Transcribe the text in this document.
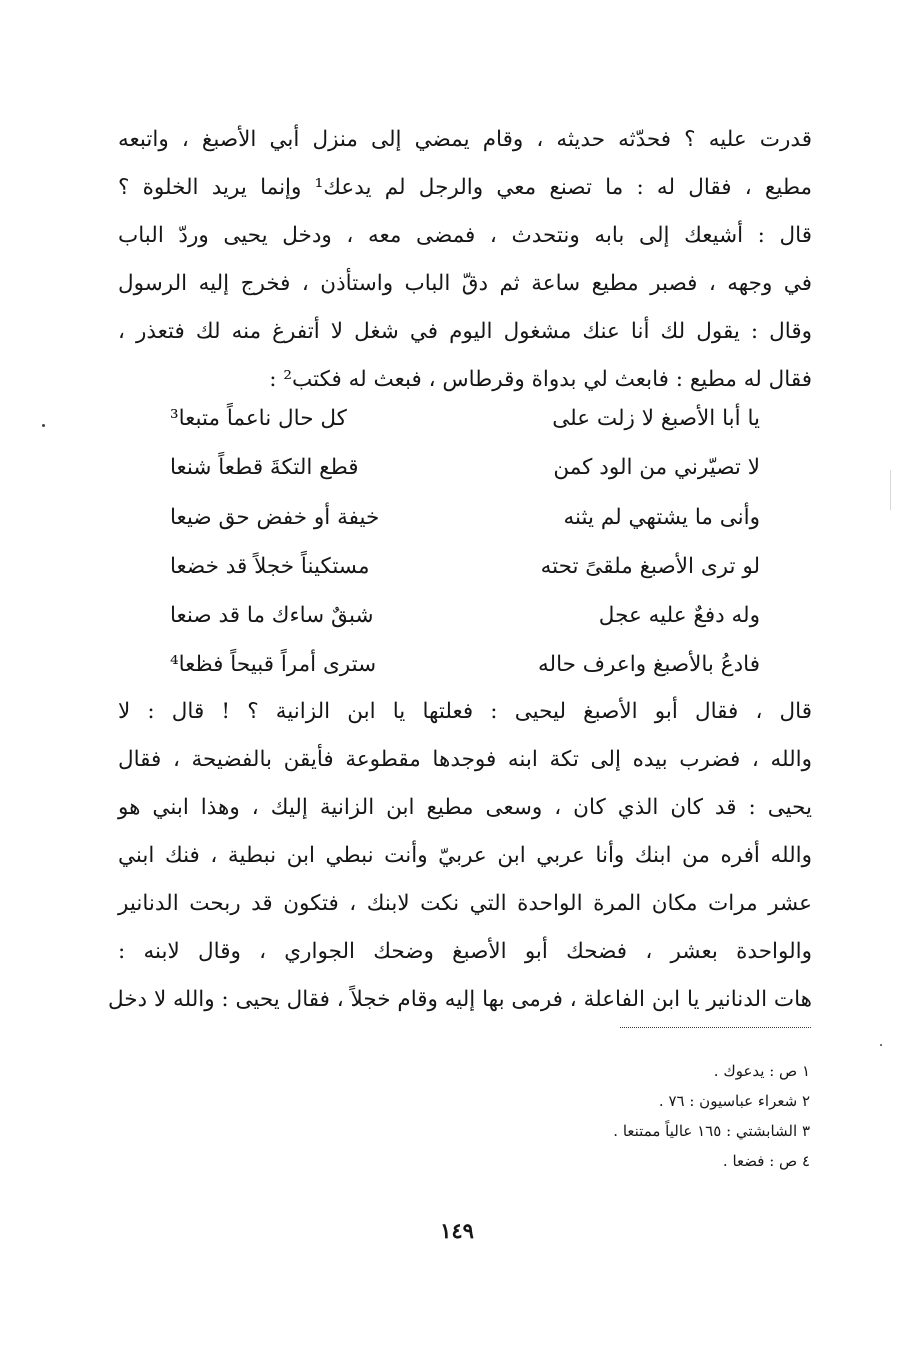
قدرت عليه ؟ فحدّثه حديثه ، وقام يمضي إلى منزل أبي الأصبغ ، واتبعه
مطيع ، فقال له : ما تصنع معي والرجل لم يدعك¹ وإنما يريد الخلوة ؟
قال : أشيعك إلى بابه ونتحدث ، فمضى معه ، ودخل يحيى وردّ الباب
في وجهه ، فصبر مطيع ساعة ثم دقّ الباب واستأذن ، فخرج إليه الرسول
وقال : يقول لك أنا عنك مشغول اليوم في شغل لا أتفرغ منه لك فتعذر ،
فقال له مطيع : فابعث لي بدواة وقرطاس ، فبعث له فكتب² :
يا أبا الأصبغ لا زلت على
كل حال ناعماً متبعا³
لا تصيّرني من الود كمن
قطع التكةَ قطعاً شنعا
وأنى ما يشتهي لم يثنه
خيفة أو خفض حق ضيعا
لو ترى الأصبغ ملقىً تحته
مستكيناً خجلاً قد خضعا
وله دفعٌ عليه عجل
شبقٌ ساءك ما قد صنعا
فادعُ بالأصبغ واعرف حاله
سترى أمراً قبيحاً فظعا⁴
قال ، فقال أبو الأصبغ ليحيى : فعلتها يا ابن الزانية ؟ ! قال : لا
والله ، فضرب بيده إلى تكة ابنه فوجدها مقطوعة فأيقن بالفضيحة ، فقال
يحيى : قد كان الذي كان ، وسعى مطيع ابن الزانية إليك ، وهذا ابني هو
والله أفره من ابنك وأنا عربي ابن عربيّ وأنت نبطي ابن نبطية ، فنك ابني
عشر مرات مكان المرة الواحدة التي نكت لابنك ، فتكون قد ربحت الدنانير
والواحدة بعشر ، فضحك أبو الأصبغ وضحك الجواري ، وقال لابنه :
هات الدنانير يا ابن الفاعلة ، فرمى بها إليه وقام خجلاً ، فقال يحيى : والله لا دخل
١ ص : يدعوك .
٢ شعراء عباسيون : ٧٦ .
٣ الشابشتي : ١٦٥ عالياً ممتنعا .
٤ ص : فضعا .
١٤٩
